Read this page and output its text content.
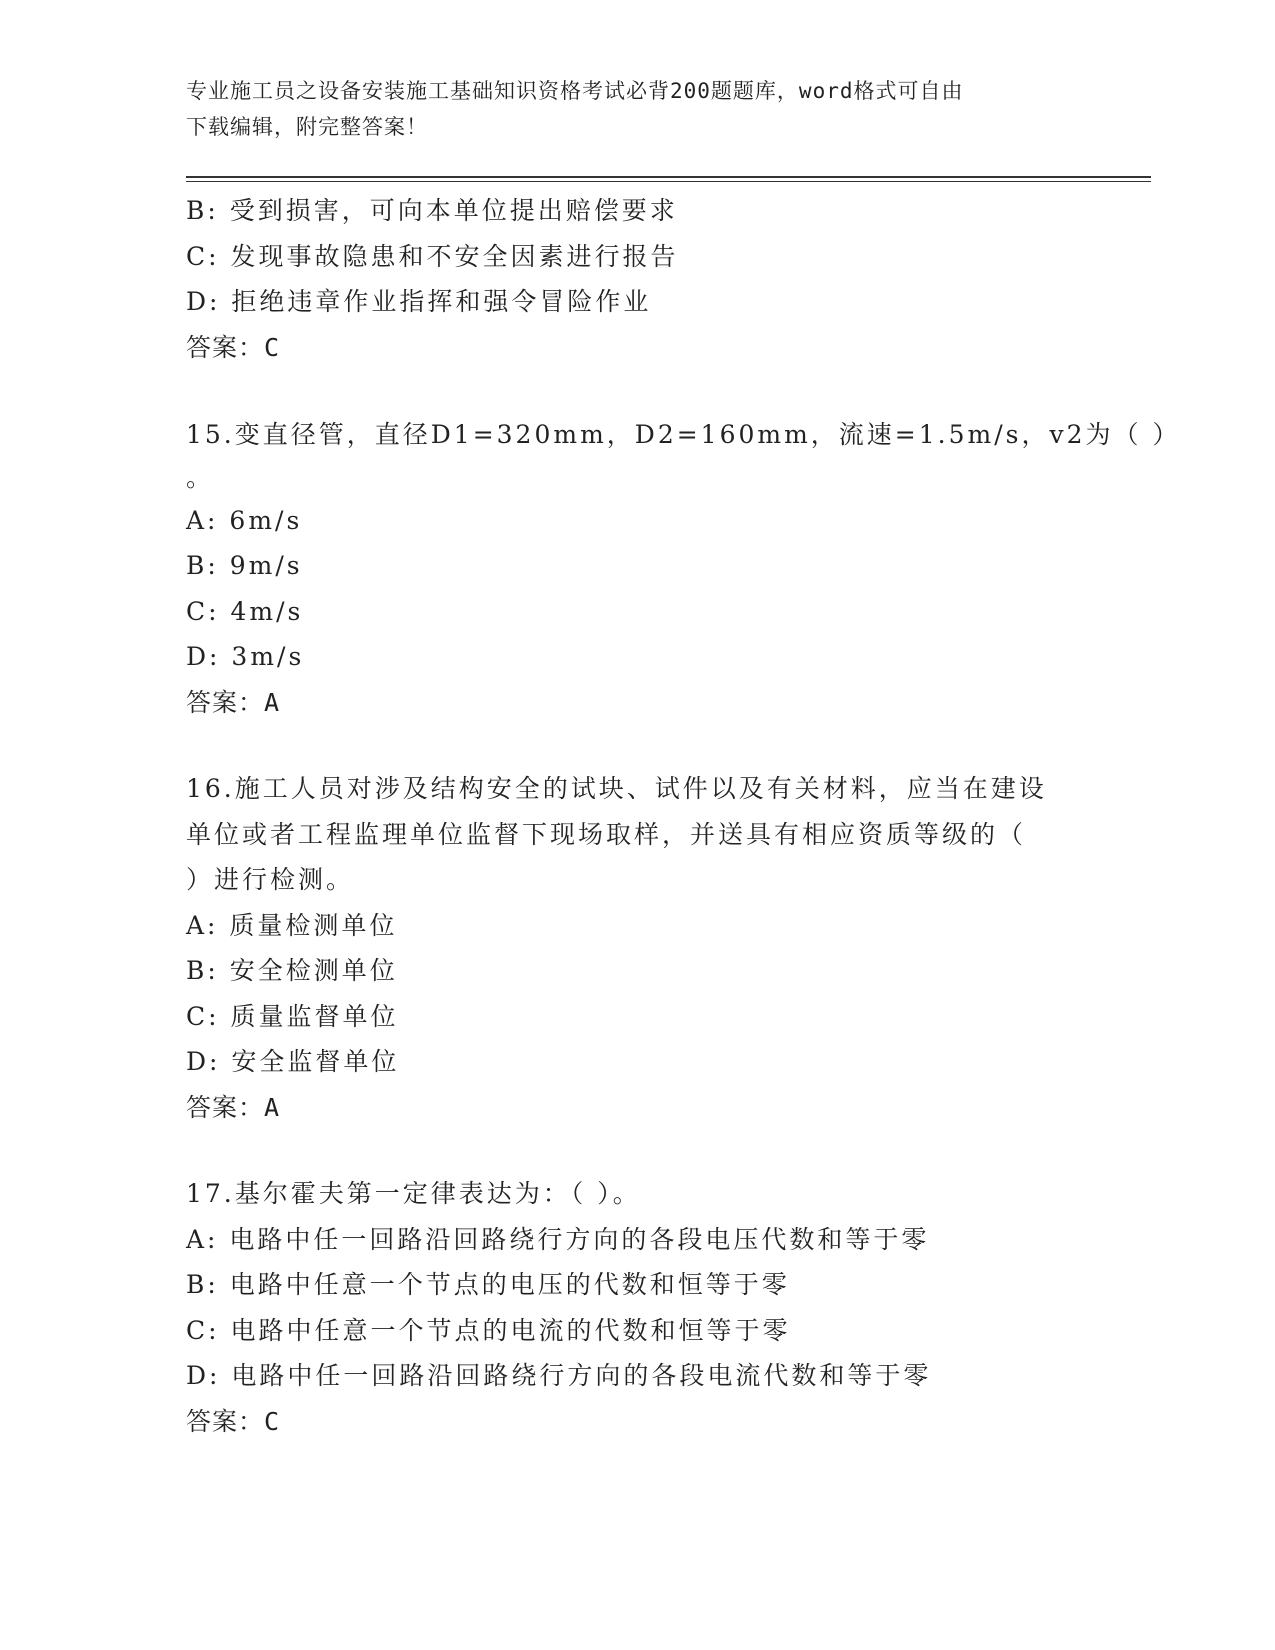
专业施工员之设备安装施工基础知识资格考试必背200题题库，word格式可自由
下载编辑，附完整答案！
B: 受到损害，可向本单位提出赔偿要求
C: 发现事故隐患和不安全因素进行报告
D: 拒绝违章作业指挥和强令冒险作业
答案：C
15.变直径管，直径D1=320mm，D2=160mm，流速=1.5m/s，v2为（ ）
。
A: 6m/s
B: 9m/s
C: 4m/s
D: 3m/s
答案：A
16.施工人员对涉及结构安全的试块、试件以及有关材料，应当在建设
单位或者工程监理单位监督下现场取样，并送具有相应资质等级的（
）进行检测。
A: 质量检测单位
B: 安全检测单位
C: 质量监督单位
D: 安全监督单位
答案：A
17.基尔霍夫第一定律表达为：（ ）。
A: 电路中任一回路沿回路绕行方向的各段电压代数和等于零
B: 电路中任意一个节点的电压的代数和恒等于零
C: 电路中任意一个节点的电流的代数和恒等于零
D: 电路中任一回路沿回路绕行方向的各段电流代数和等于零
答案：C
